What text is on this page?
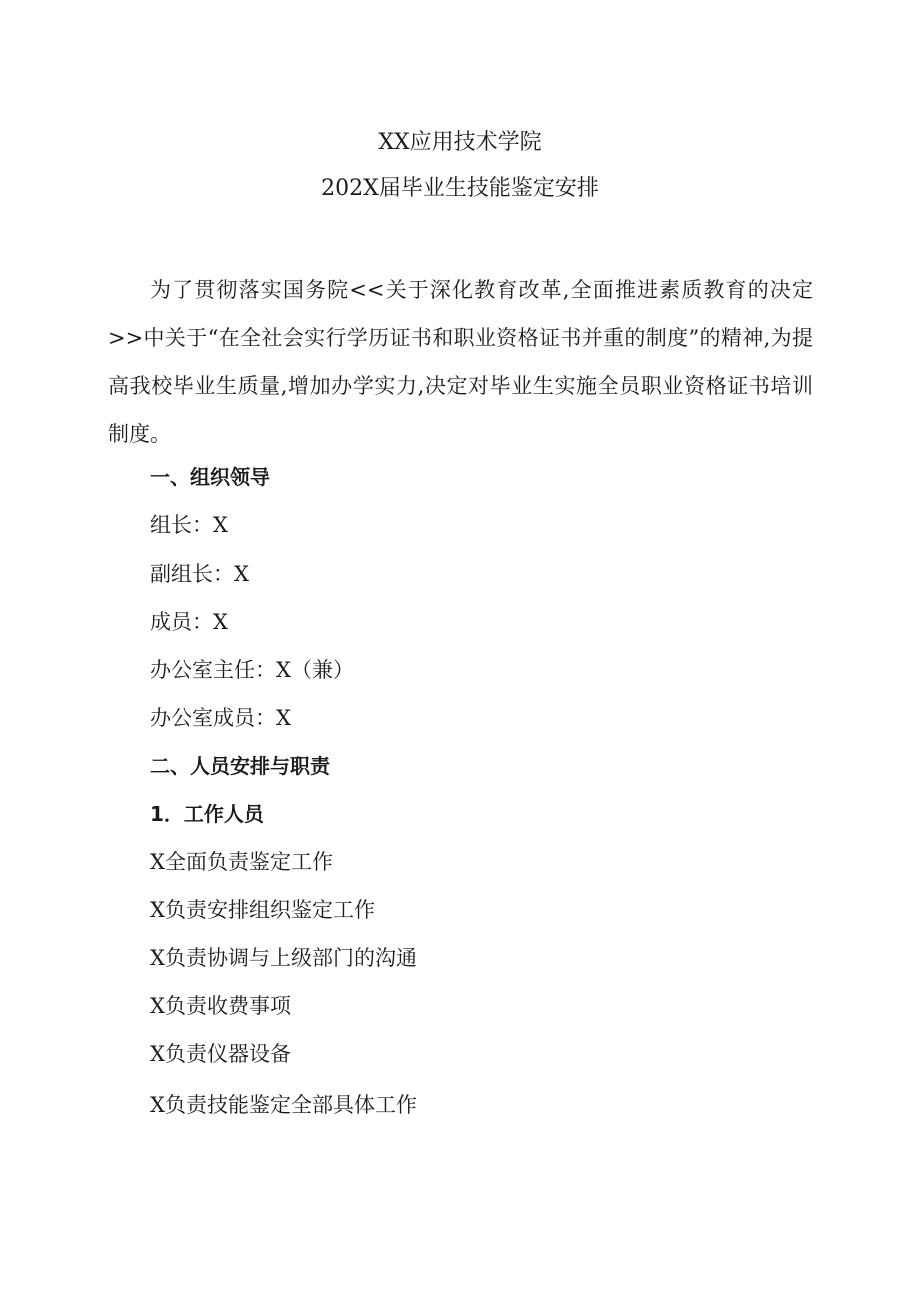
XX应用技术学院
202X届毕业生技能鉴定安排

为了贯彻落实国务院<<关于深化教育改革,全面推进素质教育的决定>>中关于“在全社会实行学历证书和职业资格证书并重的制度”的精神,为提高我校毕业生质量,增加办学实力,决定对毕业生实施全员职业资格证书培训制度。

一、组织领导
组长：X
副组长：X
成员：X
办公室主任：X（兼）
办公室成员：X
二、人员安排与职责
1．工作人员
X全面负责鉴定工作
X负责安排组织鉴定工作
X负责协调与上级部门的沟通
X负责收费事项
X负责仪器设备
X负责技能鉴定全部具体工作
